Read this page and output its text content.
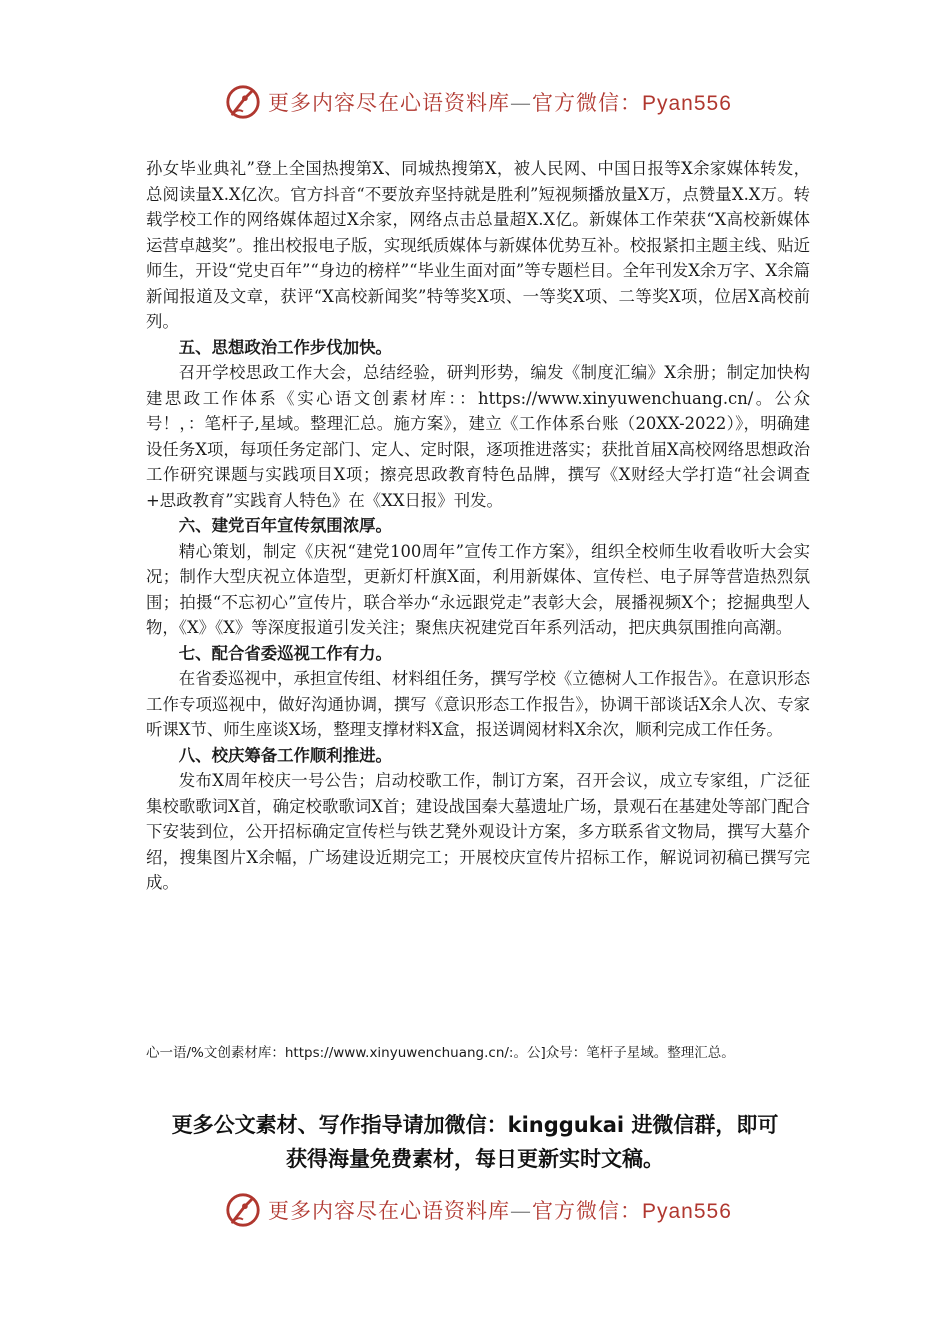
更多内容尽在心语资料库—官方微信：Pyan556

孙女毕业典礼”登上全国热搜第X、同城热搜第X，被人民网、中国日报等X余家媒体转发，总阅读量X.X亿次。官方抖音“不要放弃坚持就是胜利”短视频播放量X万，点赞量X.X万。转载学校工作的网络媒体超过X余家，网络点击总量超X.X亿。新媒体工作荣获“X高校新媒体运营卓越奖”。推出校报电子版，实现纸质媒体与新媒体优势互补。校报紧扣主题主线、贴近师生，开设“党史百年”“身边的榜样”“毕业生面对面”等专题栏目。全年刊发X余万字、X余篇新闻报道及文章，获评“X高校新闻奖”特等奖X项、一等奖X项、二等奖X项，位居X高校前列。

五、思想政治工作步伐加快。

召开学校思政工作大会，总结经验，研判形势，编发《制度汇编》X余册；制定加快构建思政工作体系《实心语文创素材库：：https://www.xinyuwenchuang.cn/。公众号！，：笔杆子,星域。整理汇总。施方案》，建立《工作体系台账（20XX-2022）》，明确建设任务X项，每项任务定部门、定人、定时限，逐项推进落实；获批首届X高校网络思想政治工作研究课题与实践项目X项；擦亮思政教育特色品牌，撰写《X财经大学打造“社会调查+思政教育”实践育人特色》在《XX日报》刊发。

六、建党百年宣传氛围浓厚。

精心策划，制定《庆祝“建党100周年”宣传工作方案》，组织全校师生收看收听大会实况；制作大型庆祝立体造型，更新灯杆旗X面，利用新媒体、宣传栏、电子屏等营造热烈氛围；拍摄“不忘初心”宣传片，联合举办“永远跟党走”表彰大会，展播视频X个；挖掘典型人物，《X》《X》等深度报道引发关注；聚焦庆祝建党百年系列活动，把庆典氛围推向高潮。

七、配合省委巡视工作有力。

在省委巡视中，承担宣传组、材料组任务，撰写学校《立德树人工作报告》。在意识形态工作专项巡视中，做好沟通协调，撰写《意识形态工作报告》，协调干部谈话X余人次、专家听课X节、师生座谈X场，整理支撑材料X盒，报送调阅材料X余次，顺利完成工作任务。

八、校庆筹备工作顺利推进。

发布X周年校庆一号公告；启动校歌工作，制订方案，召开会议，成立专家组，广泛征集校歌歌词X首，确定校歌歌词X首；建设战国秦大墓遗址广场，景观石在基建处等部门配合下安装到位，公开招标确定宣传栏与铁艺凳外观设计方案，多方联系省文物局，撰写大墓介绍，搜集图片X余幅，广场建设近期完工；开展校庆宣传片招标工作，解说词初稿已撰写完成。

心一语/%文创素材库：https://www.xinyuwenchuang.cn/:。公]众号：笔杆子星域。整理汇总。

更多公文素材、写作指导请加微信：kinggukai 进微信群，即可

获得海量免费素材，每日更新实时文稿。

更多内容尽在心语资料库—官方微信：Pyan556
